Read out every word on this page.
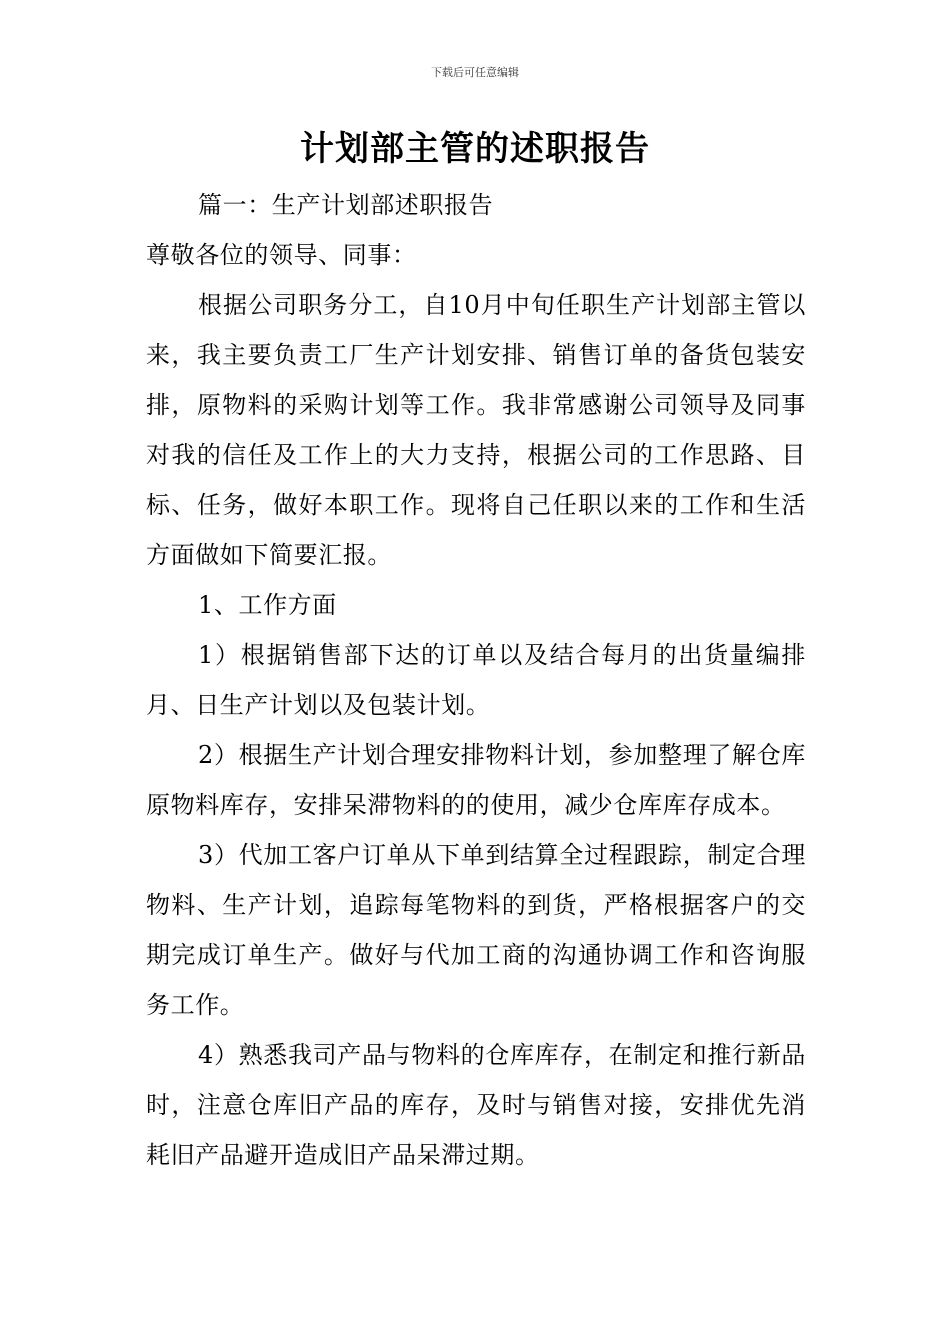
下载后可任意编辑
计划部主管的述职报告

篇一：生产计划部述职报告

尊敬各位的领导、同事：

根据公司职务分工，自10月中旬任职生产计划部主管以来，我主要负责工厂生产计划安排、销售订单的备货包装安排，原物料的采购计划等工作。我非常感谢公司领导及同事对我的信任及工作上的大力支持，根据公司的工作思路、目标、任务，做好本职工作。现将自己任职以来的工作和生活方面做如下简要汇报。

1、工作方面

1）根据销售部下达的订单以及结合每月的出货量编排月、日生产计划以及包装计划。

2）根据生产计划合理安排物料计划，参加整理了解仓库原物料库存，安排呆滞物料的的使用，减少仓库库存成本。

3）代加工客户订单从下单到结算全过程跟踪，制定合理物料、生产计划，追踪每笔物料的到货，严格根据客户的交期完成订单生产。做好与代加工商的沟通协调工作和咨询服务工作。

4）熟悉我司产品与物料的仓库库存，在制定和推行新品时，注意仓库旧产品的库存，及时与销售对接，安排优先消耗旧产品避开造成旧产品呆滞过期。
